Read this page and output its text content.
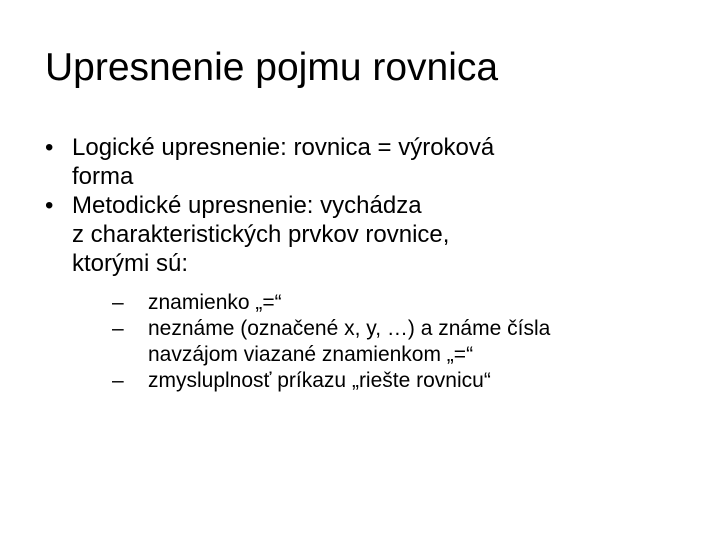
Upresnenie pojmu rovnica
• Logické upresnenie: rovnica = výroková
forma
• Metodické upresnenie: vychádza
z charakteristických prvkov rovnice,
ktorými sú:
– znamienko „=“
– neznáme (označené x, y, …) a známe čísla
navzájom viazané znamienkom „=“
– zmysluplnosť príkazu „riešte rovnicu“
